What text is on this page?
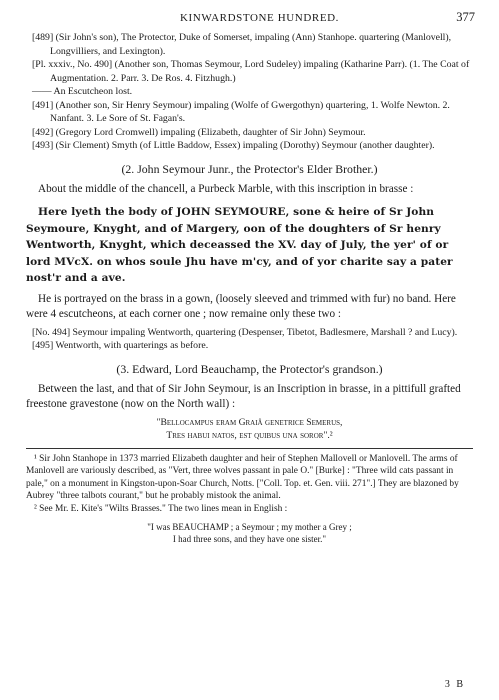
KINWARDSTONE HUNDRED.	377
[489] (Sir John's son), The Protector, Duke of Somerset, impaling (Ann) Stanhope. quartering (Manlovell), Longvilliers, and Lexington).
[Pl. xxxiv., No. 490] (Another son, Thomas Seymour, Lord Sudeley) impaling (Katharine Parr). (1. The Coat of Augmentation. 2. Parr. 3. De Ros. 4. Fitzhugh.)
—— An Escutcheon lost.
[491] (Another son, Sir Henry Seymour) impaling (Wolfe of Gwergothyn) quartering, 1. Wolfe Newton. 2. Nanfant. 3. Le Sore of St. Fagan's.
[492] (Gregory Lord Cromwell) impaling (Elizabeth, daughter of Sir John) Seymour.
[493] (Sir Clement) Smyth (of Little Baddow, Essex) impaling (Dorothy) Seymour (another daughter).
(2. John Seymour Junr., the Protector's Elder Brother.)

About the middle of the chancell, a Purbeck Marble, with this inscription in brasse :

Here lyeth the body of JOHN SEYMOURE, sone & heire of Sr John Seymoure, Knyght, and of Margery, oon of the doughters of Sr henry Wentworth, Knyght, which deceassed the XV. day of July, the yer' of or lord MVcX. on whos soule Jhu have m'cy, and of yor charite say a pater nost'r and a ave.

He is portrayed on the brass in a gown, (loosely sleeved and trimmed with fur) no band. Here were 4 escutcheons, at each corner one ; now remaine only these two :

[No. 494] Seymour impaling Wentworth, quartering (Despenser, Tibetot, Badlesmere, Marshall ? and Lucy).
[495] Wentworth, with quarterings as before.
(3. Edward, Lord Beauchamp, the Protector's grandson.)

Between the last, and that of Sir John Seymour, is an Inscription in brasse, in a pittifull grafted freestone gravestone (now on the North wall) :

"Bellocampus eram Graiâ genetrice Semerus,
Tres habui natos, est quibus una soror".²

¹ Sir John Stanhope in 1373 married Elizabeth daughter and heir of Stephen Mallovell or Manlovell. The arms of Manlovell are variously described, as "Vert, three wolves passant in pale O." [Burke] : "Three wild cats passant in pale," on a monument in Kingston-upon-Soar Church, Notts. ["Coll. Top. et. Gen. viii. 271".] They are blazoned by Aubrey "three talbots courant," but he probably mistook the animal.

² See Mr. E. Kite's "Wilts Brasses." The two lines mean in English :

"I was BEAUCHAMP ; a Seymour ; my mother a Grey ;
I had three sons, and they have one sister."
3 B
